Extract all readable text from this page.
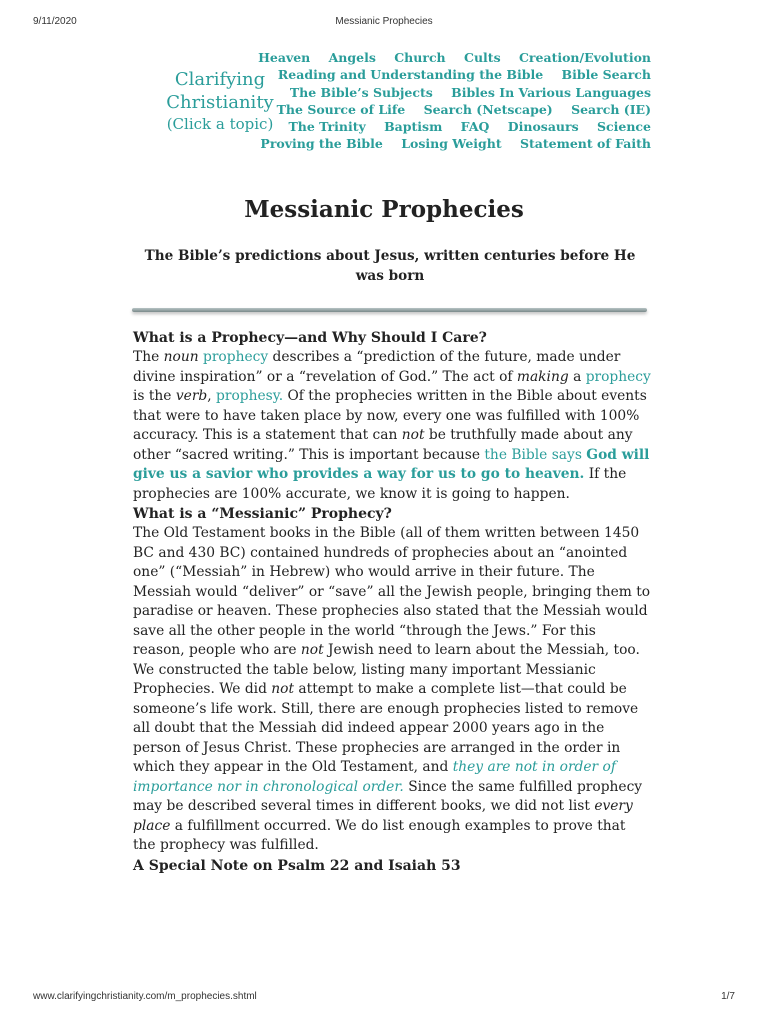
9/11/2020	Messianic Prophecies
Clarifying
Christianity
(Click a topic)
Heaven Angels Church Cults Creation/Evolution
Reading and Understanding the Bible Bible Search
The Bible’s Subjects Bibles In Various Languages
The Source of Life Search (Netscape) Search (IE)
The Trinity Baptism FAQ Dinosaurs Science
Proving the Bible Losing Weight Statement of Faith
Messianic Prophecies
The Bible’s predictions about Jesus, written centuries before He was born
What is a Prophecy—and Why Should I Care?

The noun prophecy describes a “prediction of the future, made under divine inspiration” or a “revelation of God.” The act of making a prophecy is the verb, prophesy. Of the prophecies written in the Bible about events that were to have taken place by now, every one was fulfilled with 100% accuracy. This is a statement that can not be truthfully made about any other “sacred writing.” This is important because the Bible says God will give us a savior who provides a way for us to go to heaven. If the prophecies are 100% accurate, we know it is going to happen.

What is a “Messianic” Prophecy?

The Old Testament books in the Bible (all of them written between 1450 BC and 430 BC) contained hundreds of prophecies about an “anointed one” (“Messiah” in Hebrew) who would arrive in their future. The Messiah would “deliver” or “save” all the Jewish people, bringing them to paradise or heaven. These prophecies also stated that the Messiah would save all the other people in the world “through the Jews.” For this reason, people who are not Jewish need to learn about the Messiah, too.

We constructed the table below, listing many important Messianic Prophecies. We did not attempt to make a complete list—that could be someone’s life work. Still, there are enough prophecies listed to remove all doubt that the Messiah did indeed appear 2000 years ago in the person of Jesus Christ. These prophecies are arranged in the order in which they appear in the Old Testament, and they are not in order of importance nor in chronological order. Since the same fulfilled prophecy may be described several times in different books, we did not list every place a fulfillment occurred. We do list enough examples to prove that the prophecy was fulfilled.

A Special Note on Psalm 22 and Isaiah 53
www.clarifyingchristianity.com/m_prophecies.shtml	1/7
